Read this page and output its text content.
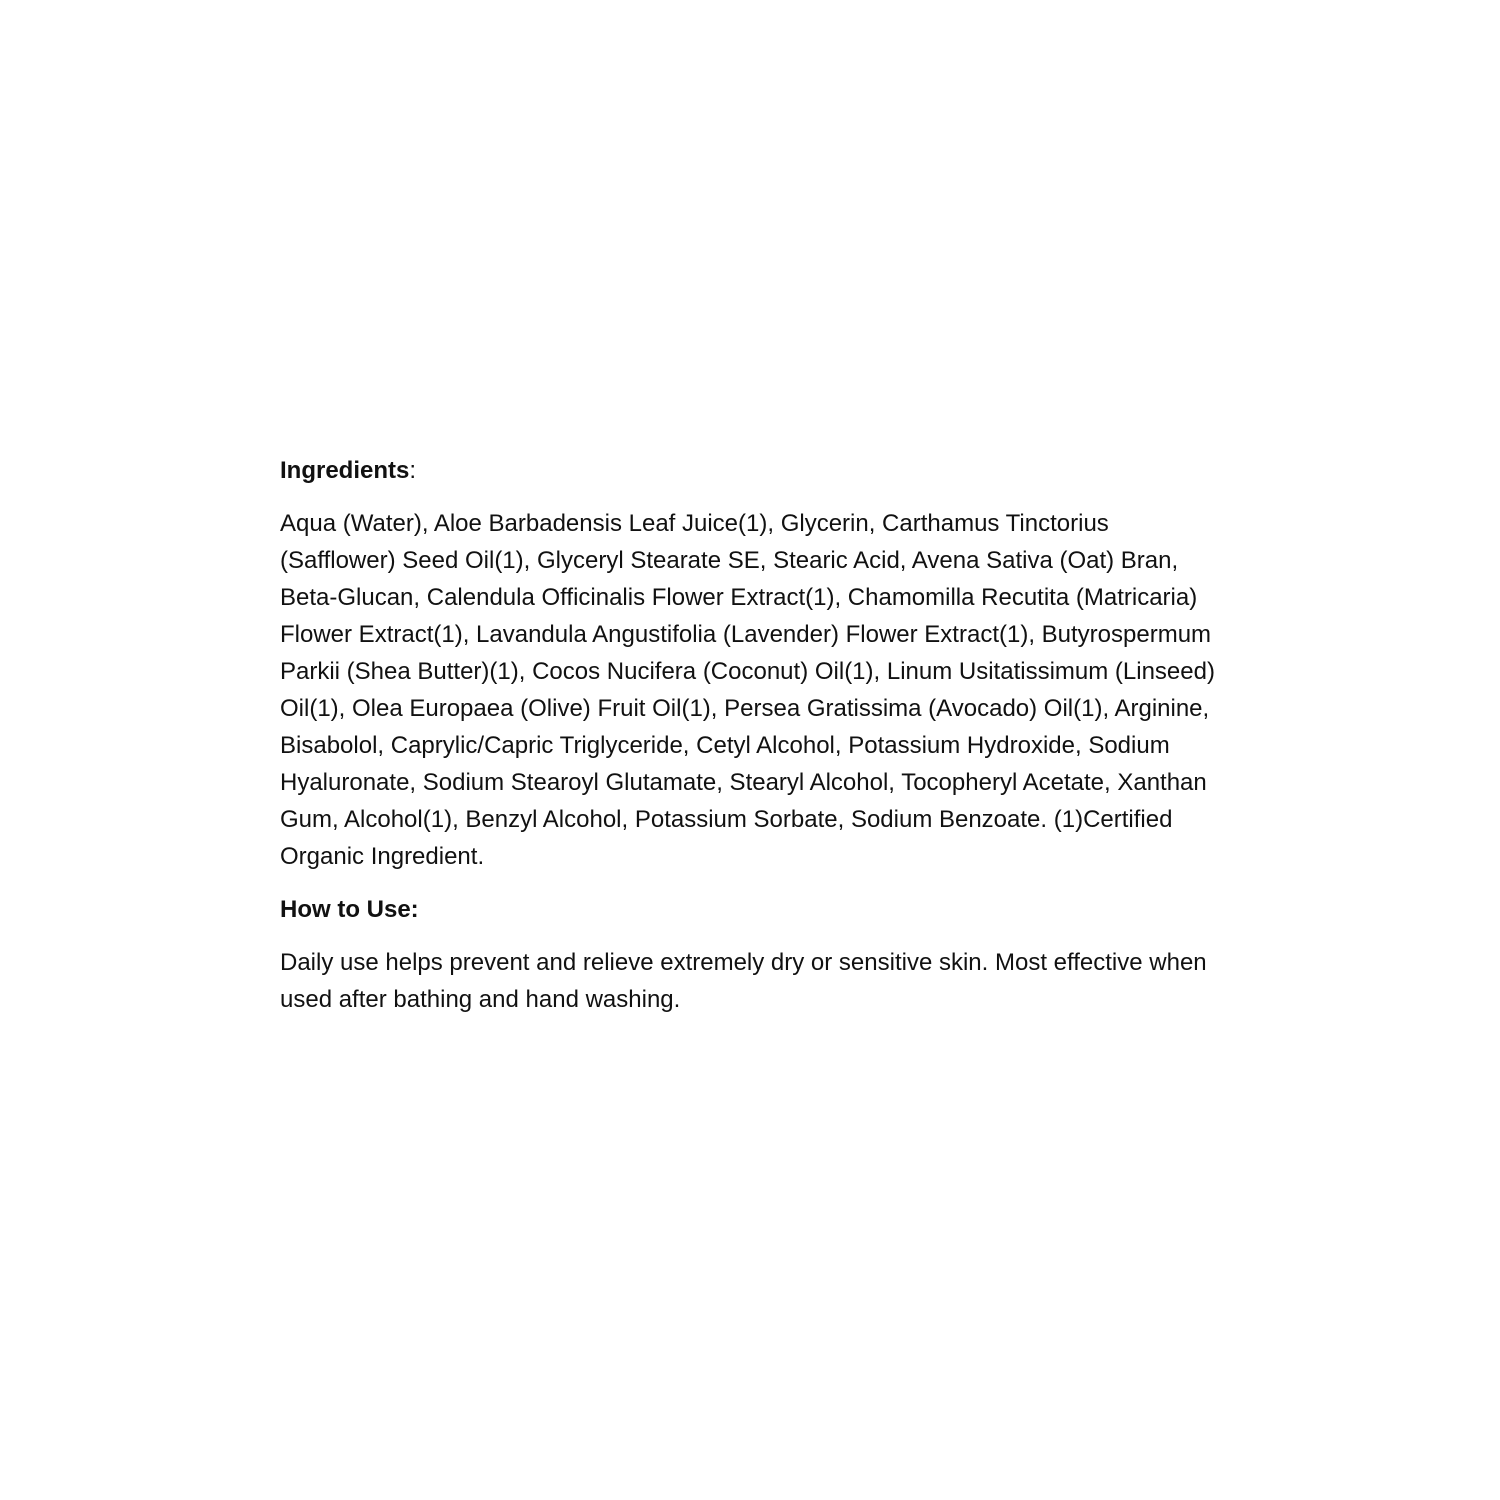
Ingredients:

Aqua (Water), Aloe Barbadensis Leaf Juice(1), Glycerin, Carthamus Tinctorius (Safflower) Seed Oil(1), Glyceryl Stearate SE, Stearic Acid, Avena Sativa (Oat) Bran, Beta-Glucan, Calendula Officinalis Flower Extract(1), Chamomilla Recutita (Matricaria) Flower Extract(1), Lavandula Angustifolia (Lavender) Flower Extract(1), Butyrospermum Parkii (Shea Butter)(1), Cocos Nucifera (Coconut) Oil(1), Linum Usitatissimum (Linseed) Oil(1), Olea Europaea (Olive) Fruit Oil(1), Persea Gratissima (Avocado) Oil(1), Arginine, Bisabolol, Caprylic/Capric Triglyceride, Cetyl Alcohol, Potassium Hydroxide, Sodium Hyaluronate, Sodium Stearoyl Glutamate, Stearyl Alcohol, Tocopheryl Acetate, Xanthan Gum, Alcohol(1), Benzyl Alcohol, Potassium Sorbate, Sodium Benzoate. (1)Certified Organic Ingredient.

How to Use:

Daily use helps prevent and relieve extremely dry or sensitive skin. Most effective when used after bathing and hand washing.
